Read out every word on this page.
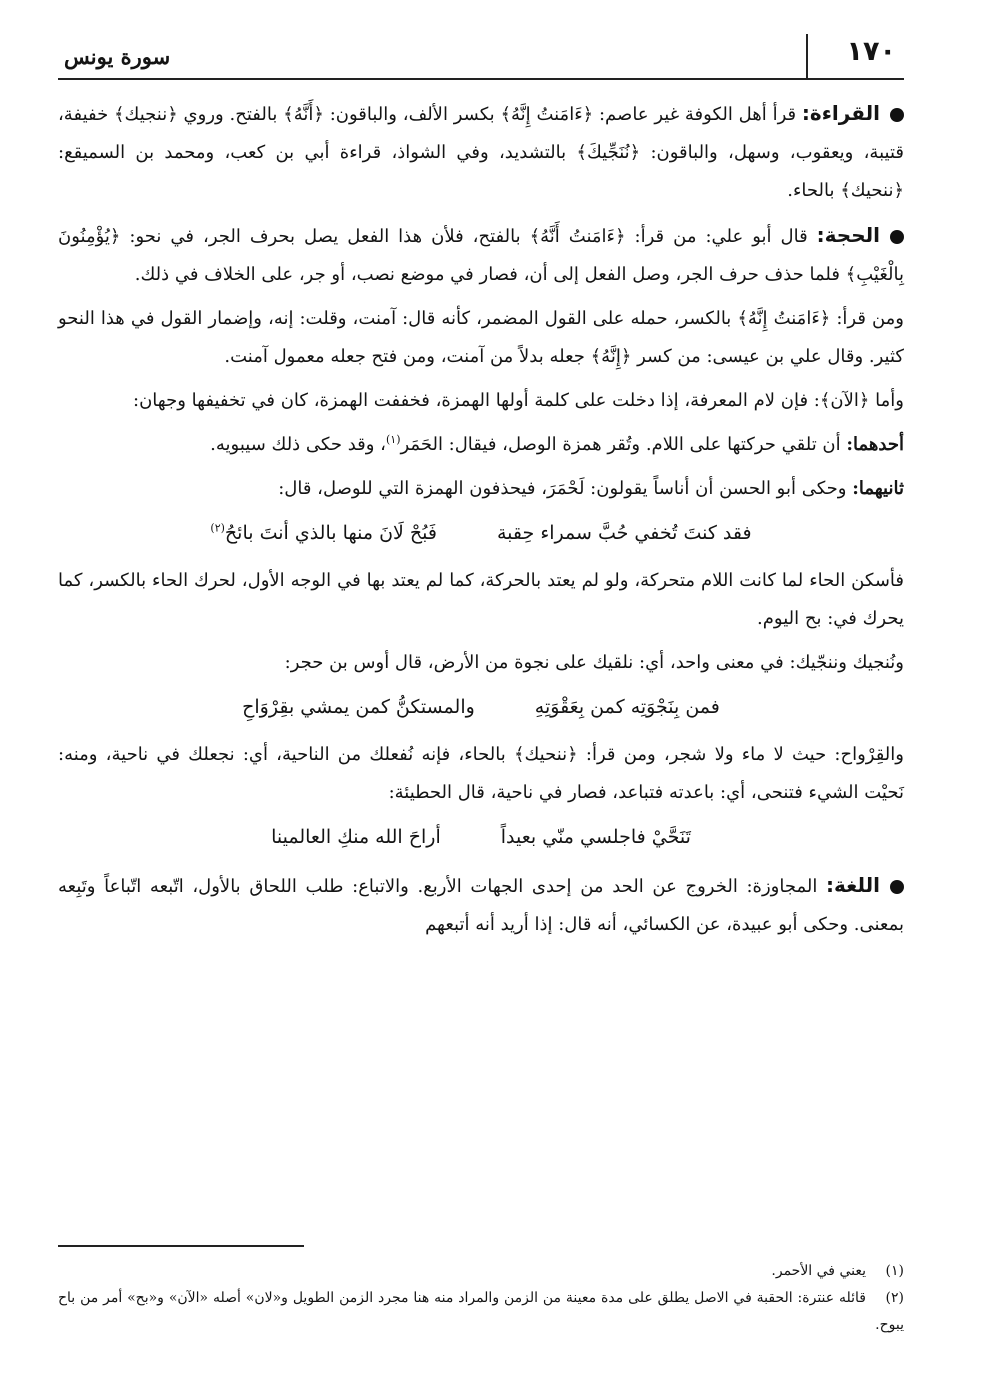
١٧٠
سورة يونس

القراءة: قرأ أهل الكوفة غير عاصم: ﴿ءَامَنتُ إِنَّهُ﴾ بكسر الألف، والباقون: ﴿أَنَّهُ﴾ بالفتح. وروي ﴿ننجيك﴾ خفيفة، قتيبة، ويعقوب، وسهل، والباقون: ﴿نُنَجِّيكَ﴾ بالتشديد، وفي الشواذ، قراءة أبي بن كعب، ومحمد بن السميقع: ﴿ننحيك﴾ بالحاء.

الحجة: قال أبو علي: من قرأ: ﴿ءَامَنتُ أَنَّهُ﴾ بالفتح، فلأن هذا الفعل يصل بحرف الجر، في نحو: ﴿يُؤْمِنُونَ بِالْغَيْبِ﴾ فلما حذف حرف الجر، وصل الفعل إلى أن، فصار في موضع نصب، أو جر، على الخلاف في ذلك.

ومن قرأ: ﴿ءَامَنتُ إِنَّهُ﴾ بالكسر، حمله على القول المضمر، كأنه قال: آمنت، وقلت: إنه، وإضمار القول في هذا النحو كثير. وقال علي بن عيسى: من كسر ﴿إِنَّهُ﴾ جعله بدلاً من آمنت، ومن فتح جعله معمول آمنت.

وأما ﴿الآن﴾: فإن لام المعرفة، إذا دخلت على كلمة أولها الهمزة، فخففت الهمزة، كان في تخفيفها وجهان:

أحدهما: أن تلقي حركتها على اللام. وتُقر همزة الوصل، فيقال: الحَمَر$^{(١)}$، وقد حكى ذلك سيبويه.

ثانيهما: وحكى أبو الحسن أن أناساً يقولون: لَحْمَرَ، فيحذفون الهمزة التي للوصل، قال:

فقد كنتَ تُخفي حُبَّ سمراء حِقبةفَبُحْ لَانَ منها بالذي أنتَ بائحُ$^{(٢)}$

فأسكن الحاء لما كانت اللام متحركة، ولو لم يعتد بالحركة، كما لم يعتد بها في الوجه الأول، لحرك الحاء بالكسر، كما يحرك في: بح اليوم.

ونُنجيك وننجّيك: في معنى واحد، أي: نلقيك على نجوة من الأرض، قال أوس بن حجر:

فمن بِنَجْوَتِه كمن بِعَقْوَتِهِوالمستكنُّ كمن يمشي بقِرْوَاحِ

والقِرْواح: حيث لا ماء ولا شجر، ومن قرأ: ﴿ننحيك﴾ بالحاء، فإنه نُفعلك من الناحية، أي: نجعلك في ناحية، ومنه: نَحيْت الشيء فتنحى، أي: باعدته فتباعد، فصار في ناحية، قال الحطيئة:

تَنَحَّيْ فاجلسي منّي بعيداًأراحَ الله منكِ العالمينا

اللغة: المجاوزة: الخروج عن الحد من إحدى الجهات الأربع. والاتباع: طلب اللحاق بالأول، اتّبعه اتّباعاً وتَبِعه بمعنى. وحكى أبو عبيدة، عن الكسائي، أنه قال: إذا أريد أنه أتبعهم

(١)يعني في الأحمر.

(٢)قائله عنترة: الحقبة في الاصل يطلق على مدة معينة من الزمن والمراد منه هنا مجرد الزمن الطويل و«لان» أصله «الآن» و«بح» أمر من باح يبوح.
